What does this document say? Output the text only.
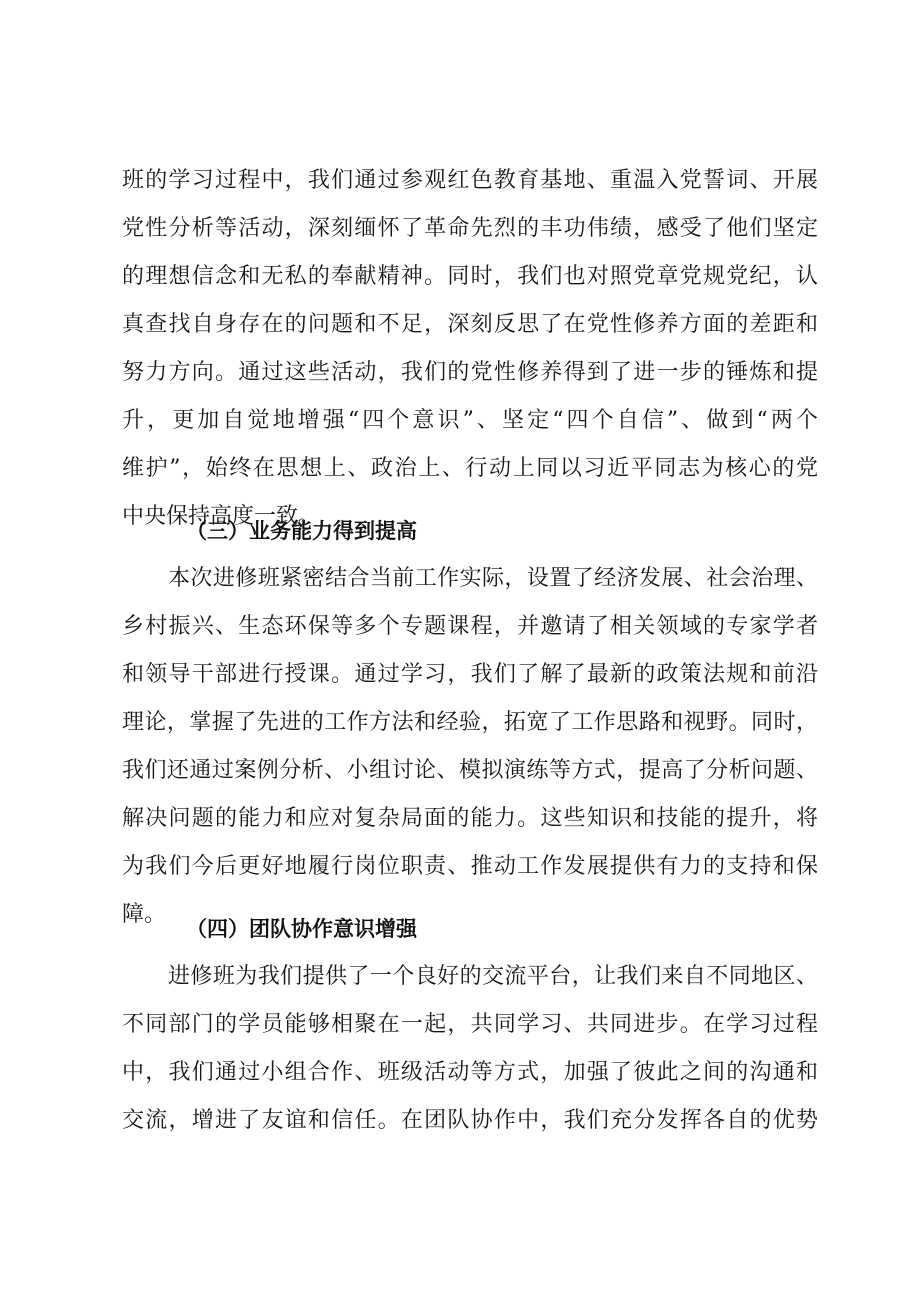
班的学习过程中，我们通过参观红色教育基地、重温入党誓词、开展
党性分析等活动，深刻缅怀了革命先烈的丰功伟绩，感受了他们坚定
的理想信念和无私的奉献精神。同时，我们也对照党章党规党纪，认
真查找自身存在的问题和不足，深刻反思了在党性修养方面的差距和
努力方向。通过这些活动，我们的党性修养得到了进一步的锤炼和提
升，更加自觉地增强“四个意识”、坚定“四个自信”、做到“两个
维护”，始终在思想上、政治上、行动上同以习近平同志为核心的党
中央保持高度一致。
（三）业务能力得到提高
本次进修班紧密结合当前工作实际，设置了经济发展、社会治理、
乡村振兴、生态环保等多个专题课程，并邀请了相关领域的专家学者
和领导干部进行授课。通过学习，我们了解了最新的政策法规和前沿
理论，掌握了先进的工作方法和经验，拓宽了工作思路和视野。同时，
我们还通过案例分析、小组讨论、模拟演练等方式，提高了分析问题、
解决问题的能力和应对复杂局面的能力。这些知识和技能的提升，将
为我们今后更好地履行岗位职责、推动工作发展提供有力的支持和保
障。
（四）团队协作意识增强
进修班为我们提供了一个良好的交流平台，让我们来自不同地区、
不同部门的学员能够相聚在一起，共同学习、共同进步。在学习过程
中，我们通过小组合作、班级活动等方式，加强了彼此之间的沟通和
交流，增进了友谊和信任。在团队协作中，我们充分发挥各自的优势
